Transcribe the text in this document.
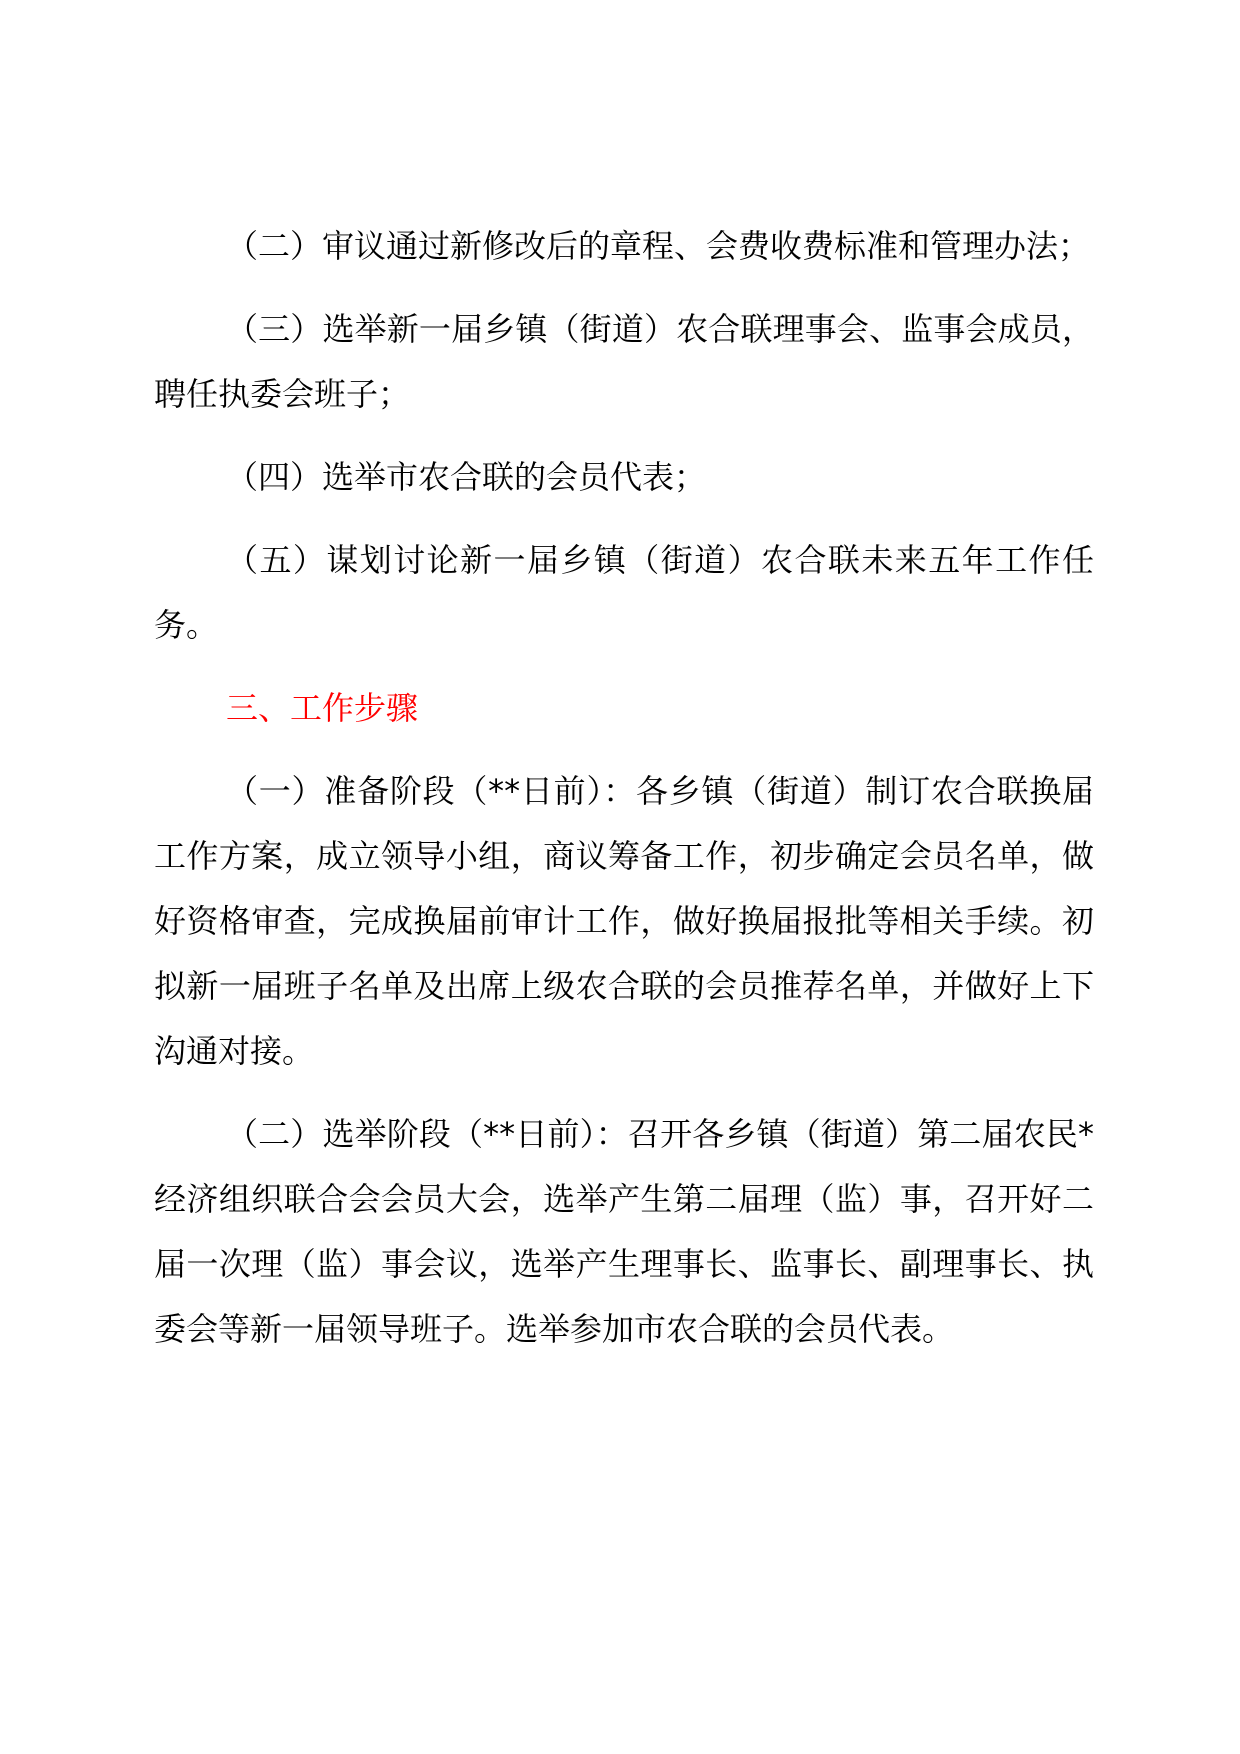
（二）审议通过新修改后的章程、会费收费标准和管理办法；

（三）选举新一届乡镇（街道）农合联理事会、监事会成员，聘任执委会班子；

（四）选举市农合联的会员代表；

（五）谋划讨论新一届乡镇（街道）农合联未来五年工作任务。

三、工作步骤

（一）准备阶段（**日前）：各乡镇（街道）制订农合联换届工作方案，成立领导小组，商议筹备工作，初步确定会员名单，做好资格审查，完成换届前审计工作，做好换届报批等相关手续。初拟新一届班子名单及出席上级农合联的会员推荐名单，并做好上下沟通对接。

（二）选举阶段（**日前）：召开各乡镇（街道）第二届农民*经济组织联合会会员大会，选举产生第二届理（监）事，召开好二届一次理（监）事会议，选举产生理事长、监事长、副理事长、执委会等新一届领导班子。选举参加市农合联的会员代表。
